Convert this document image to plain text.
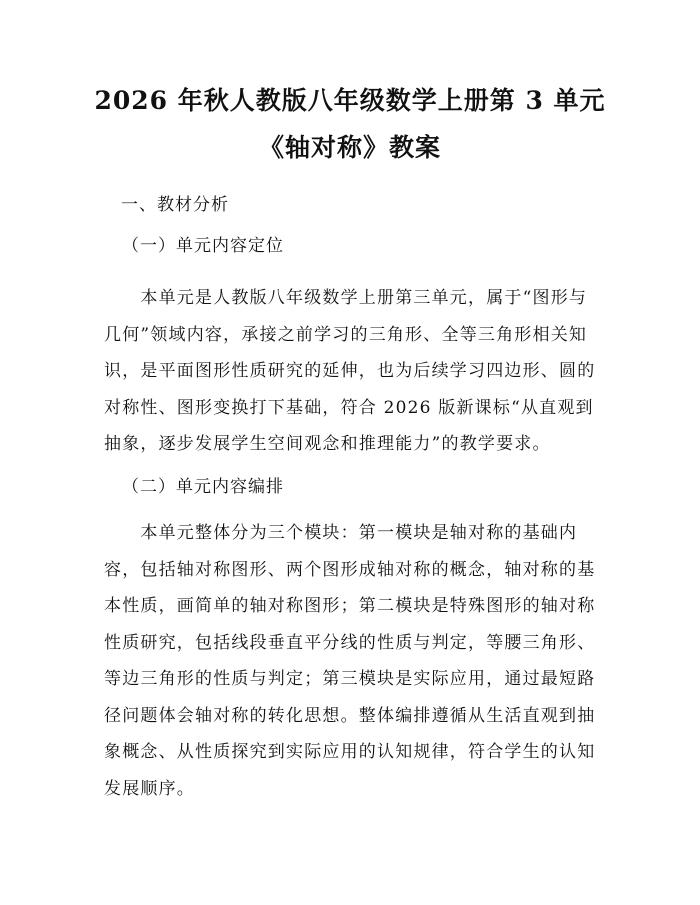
2026 年秋人教版八年级数学上册第 3 单元
《轴对称》教案
一、教材分析
（一）单元内容定位
　　本单元是人教版八年级数学上册第三单元，属于“图形与
几何”领域内容，承接之前学习的三角形、全等三角形相关知
识，是平面图形性质研究的延伸，也为后续学习四边形、圆的
对称性、图形变换打下基础，符合 2026 版新课标“从直观到
抽象，逐步发展学生空间观念和推理能力”的教学要求。
（二）单元内容编排
　　本单元整体分为三个模块：第一模块是轴对称的基础内
容，包括轴对称图形、两个图形成轴对称的概念，轴对称的基
本性质，画简单的轴对称图形；第二模块是特殊图形的轴对称
性质研究，包括线段垂直平分线的性质与判定，等腰三角形、
等边三角形的性质与判定；第三模块是实际应用，通过最短路
径问题体会轴对称的转化思想。整体编排遵循从生活直观到抽
象概念、从性质探究到实际应用的认知规律，符合学生的认知
发展顺序。
